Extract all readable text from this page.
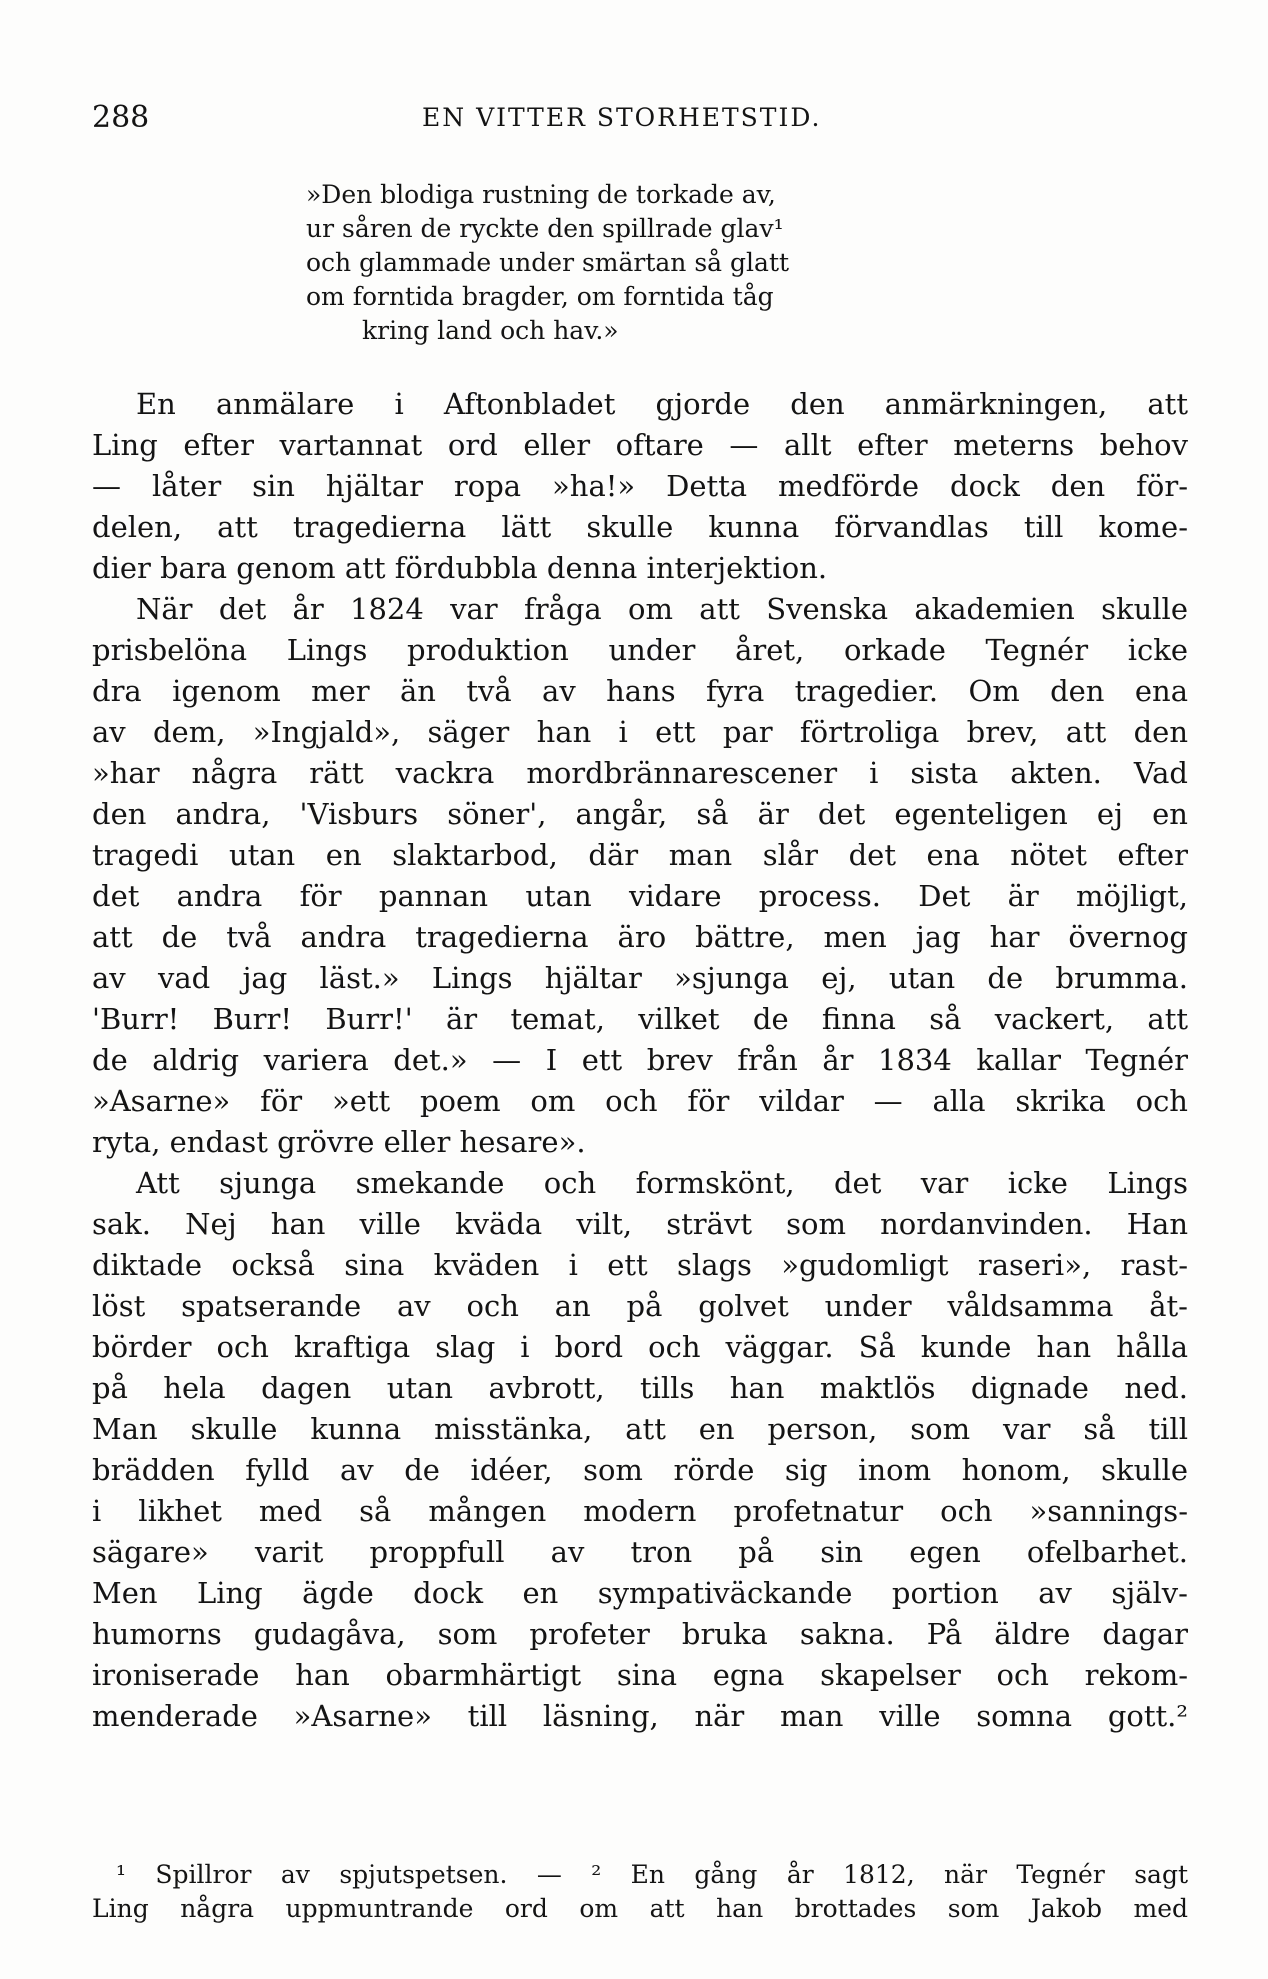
288	EN VITTER STORHETSTID.
»Den blodiga rustning de torkade av,
ur såren de ryckte den spillrade glav¹
och glammade under smärtan så glatt
om forntida bragder, om forntida tåg
kring land och hav.»
En anmälare i Aftonbladet gjorde den anmärkningen, att
Ling efter vartannat ord eller oftare — allt efter meterns behov
— låter sin hjältar ropa »ha!» Detta medförde dock den för-
delen, att tragedierna lätt skulle kunna förvandlas till kome-
dier bara genom att fördubbla denna interjektion.
När det år 1824 var fråga om att Svenska akademien skulle
prisbelöna Lings produktion under året, orkade Tegnér icke
dra igenom mer än två av hans fyra tragedier. Om den ena
av dem, »Ingjald», säger han i ett par förtroliga brev, att den
»har några rätt vackra mordbrännarescener i sista akten. Vad
den andra, 'Visburs söner', angår, så är det egenteligen ej en
tragedi utan en slaktarbod, där man slår det ena nötet efter
det andra för pannan utan vidare process. Det är möjligt,
att de två andra tragedierna äro bättre, men jag har övernog
av vad jag läst.» Lings hjältar »sjunga ej, utan de brumma.
'Burr! Burr! Burr!' är temat, vilket de finna så vackert, att
de aldrig variera det.» — I ett brev från år 1834 kallar Tegnér
»Asarne» för »ett poem om och för vildar — alla skrika och
ryta, endast grövre eller hesare».
Att sjunga smekande och formskönt, det var icke Lings
sak. Nej han ville kväda vilt, strävt som nordanvinden. Han
diktade också sina kväden i ett slags »gudomligt raseri», rast-
löst spatserande av och an på golvet under våldsamma åt-
börder och kraftiga slag i bord och väggar. Så kunde han hålla
på hela dagen utan avbrott, tills han maktlös dignade ned.
Man skulle kunna misstänka, att en person, som var så till
brädden fylld av de idéer, som rörde sig inom honom, skulle
i likhet med så mången modern profetnatur och »sannings-
sägare» varit proppfull av tron på sin egen ofelbarhet.
Men Ling ägde dock en sympativäckande portion av själv-
humorns gudagåva, som profeter bruka sakna. På äldre dagar
ironiserade han obarmhärtigt sina egna skapelser och rekom-
menderade »Asarne» till läsning, när man ville somna gott.²
¹ Spillror av spjutspetsen. — ² En gång år 1812, när Tegnér sagt
Ling några uppmuntrande ord om att han brottades som Jakob med
